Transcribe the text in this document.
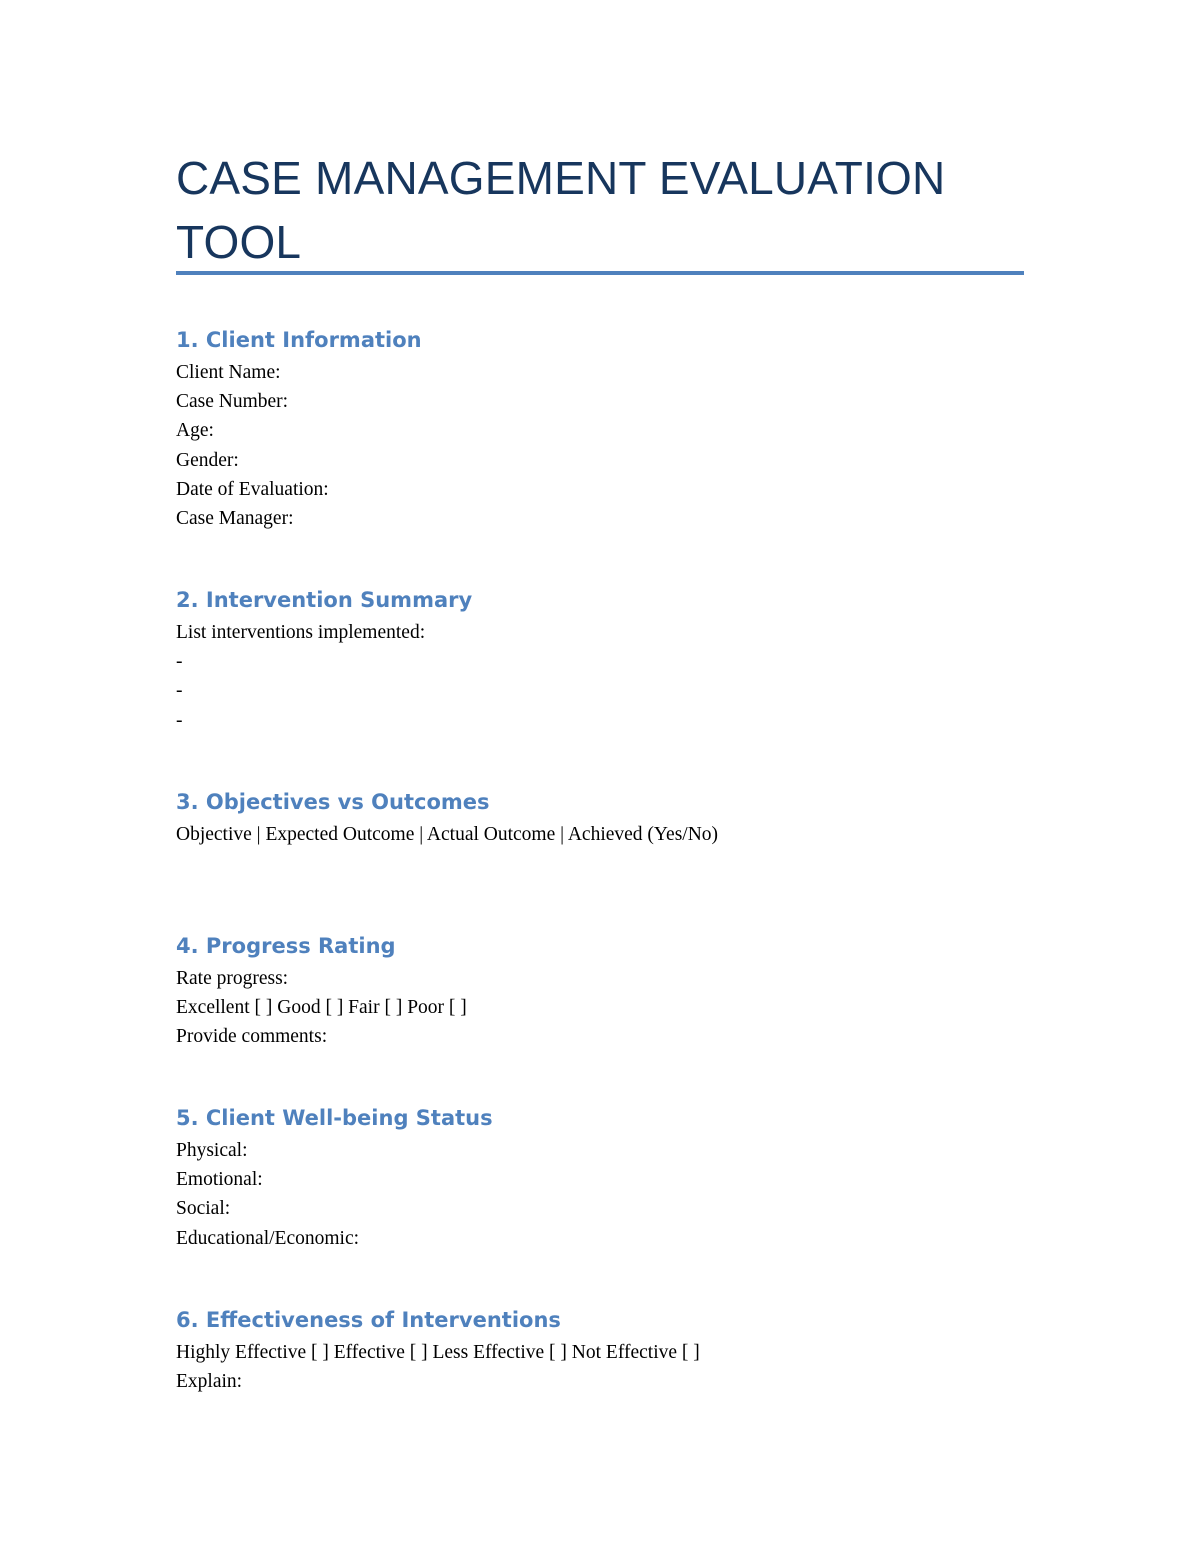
CASE MANAGEMENT EVALUATION
TOOL
1. Client Information

Client Name:

Case Number:

Age:

Gender:

Date of Evaluation:

Case Manager:

2. Intervention Summary

List interventions implemented:

-

-

-

3. Objectives vs Outcomes

Objective | Expected Outcome | Actual Outcome | Achieved (Yes/No)

4. Progress Rating

Rate progress:

Excellent [ ] Good [ ] Fair [ ] Poor [ ]

Provide comments:

5. Client Well-being Status

Physical:

Emotional:

Social:

Educational/Economic:

6. Effectiveness of Interventions

Highly Effective [ ] Effective [ ] Less Effective [ ] Not Effective [ ]

Explain:
